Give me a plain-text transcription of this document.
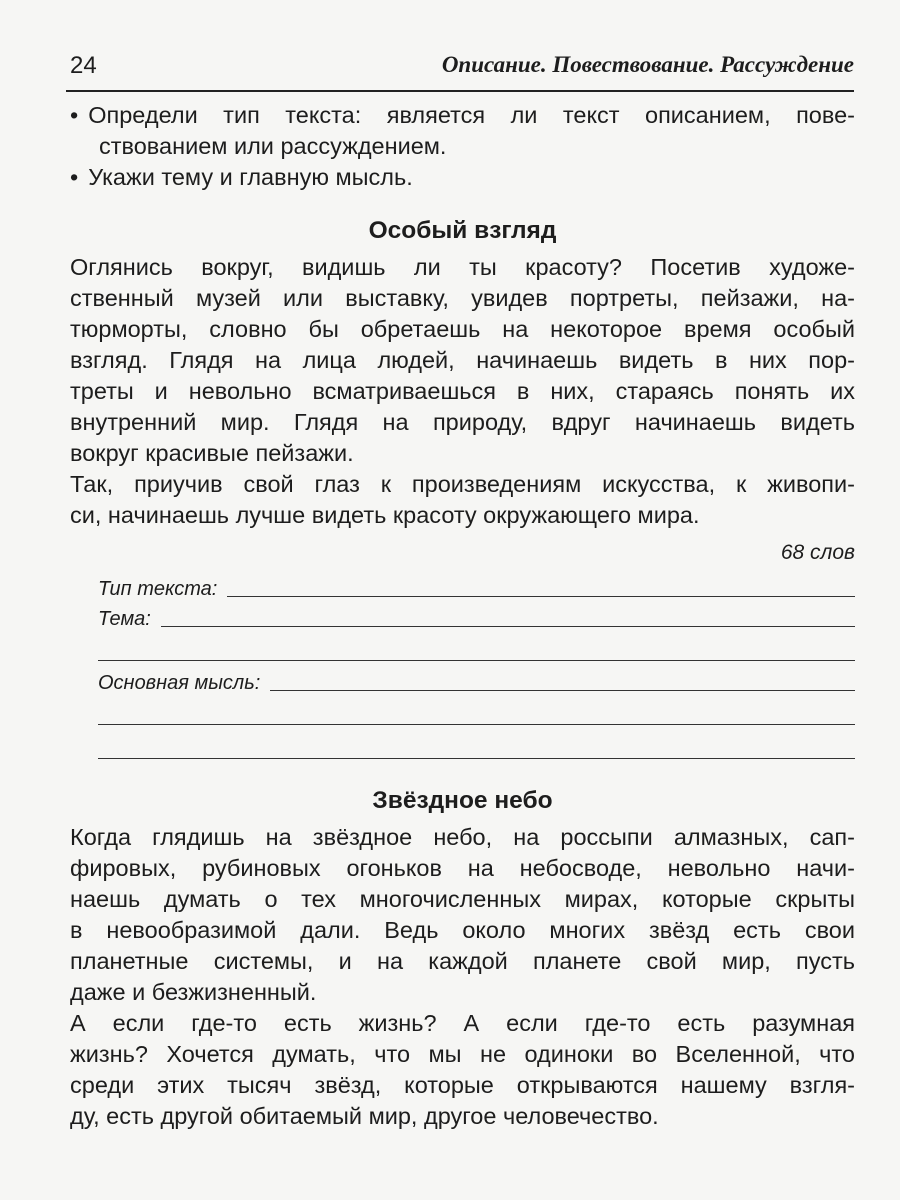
24	Описание. Повествование. Рассуждение
• Определи тип текста: является ли текст описанием, пове-
ствованием или рассуждением.
• Укажи тему и главную мысль.
Особый взгляд
Оглянись вокруг, видишь ли ты красоту? Посетив художе-
ственный музей или выставку, увидев портреты, пейзажи, на-
тюрморты, словно бы обретаешь на некоторое время особый
взгляд. Глядя на лица людей, начинаешь видеть в них пор-
треты и невольно всматриваешься в них, стараясь понять их
внутренний мир. Глядя на природу, вдруг начинаешь видеть
вокруг красивые пейзажи.
Так, приучив свой глаз к произведениям искусства, к живопи-
си, начинаешь лучше видеть красоту окружающего мира.
68 слов
Тип текста:
Тема:
Основная мысль:
Звёздное небо
Когда глядишь на звёздное небо, на россыпи алмазных, сап-
фировых, рубиновых огоньков на небосводе, невольно начи-
наешь думать о тех многочисленных мирах, которые скрыты
в невообразимой дали. Ведь около многих звёзд есть свои
планетные системы, и на каждой планете свой мир, пусть
даже и безжизненный.
А если где-то есть жизнь? А если где-то есть разумная
жизнь? Хочется думать, что мы не одиноки во Вселенной, что
среди этих тысяч звёзд, которые открываются нашему взгля-
ду, есть другой обитаемый мир, другое человечество.
